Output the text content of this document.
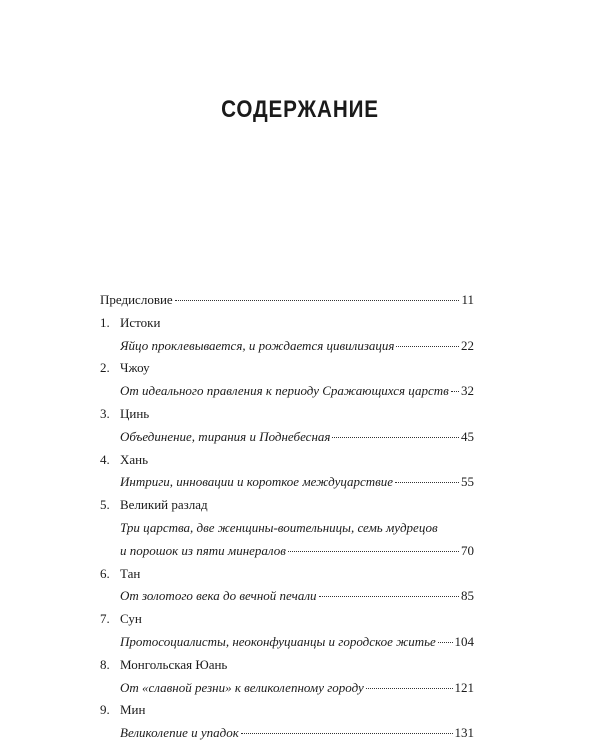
СОДЕРЖАНИЕ
Предисловие	11
1. Истоки
Яйцо проклевывается, и рождается цивилизация	22
2. Чжоу
От идеального правления к периоду Сражающихся царств 32
3. Цинь
Объединение, тирания и Поднебесная	45
4. Хань
Интриги, инновации и короткое междуцарствие	55
5. Великий разлад
Три царства, две женщины-воительницы, семь мудрецов
и порошок из пяти минералов	70
6. Тан
От золотого века до вечной печали	85
7. Сун
Протосоциалисты, неоконфуцианцы и городское житье 104
8. Монгольская Юань
От «славной резни» к великолепному городу	121
9. Мин
Великолепие и упадок	131
